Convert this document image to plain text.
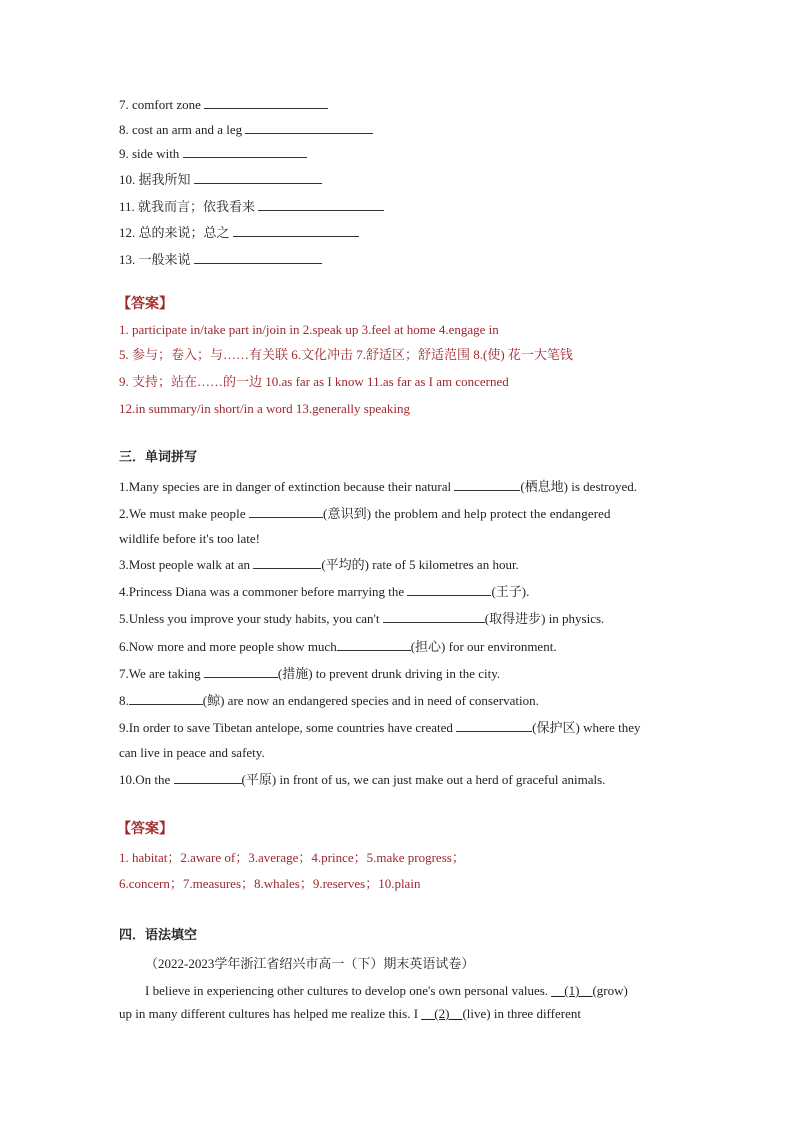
7. comfort zone
8. cost an arm and a leg
9. side with
10. 据我所知
11. 就我而言；依我看来
12. 总的来说；总之
13. 一般来说
【答案】
1. participate in/take part in/join in 2.speak up 3.feel at home 4.engage in
5. 参与；卷入；与……有关联 6.文化冲击 7.舒适区；舒适范围 8.(使) 花一大笔钱
9. 支持；站在……的一边 10.as far as I know 11.as far as I am concerned
12.in summary/in short/in a word 13.generally speaking
三．单词拼写
1.Many species are in danger of extinction because their natural	(栖息地) is destroyed.
2.We must make people	(意识到) the problem and help protect the endangered
wildlife before it's too late!
3.Most people walk at an	(平均的) rate of 5 kilometres an hour.
4.Princess Diana was a commoner before marrying the	(王子).
5.Unless you improve your study habits, you can't	(取得进步) in physics.
6.Now more and more people show much	(担心) for our environment.
7.We are taking	(措施) to prevent drunk driving in the city.
8.	(鲸) are now an endangered species and in need of conservation.
9.In order to save Tibetan antelope, some countries have created	(保护区) where they
can live in peace and safety.
10.On the	(平原) in front of us, we can just make out a herd of graceful animals.
【答案】
1. habitat；2.aware of；3.average；4.prince；5.make progress；
6.concern；7.measures；8.whales；9.reserves；10.plain
四．语法填空
（2022-2023学年浙江省绍兴市高一（下）期末英语试卷）
I believe in experiencing other cultures to develop one's own personal values. __(1)__(grow)
up in many different cultures has helped me realize this. I __(2)__(live) in three different
